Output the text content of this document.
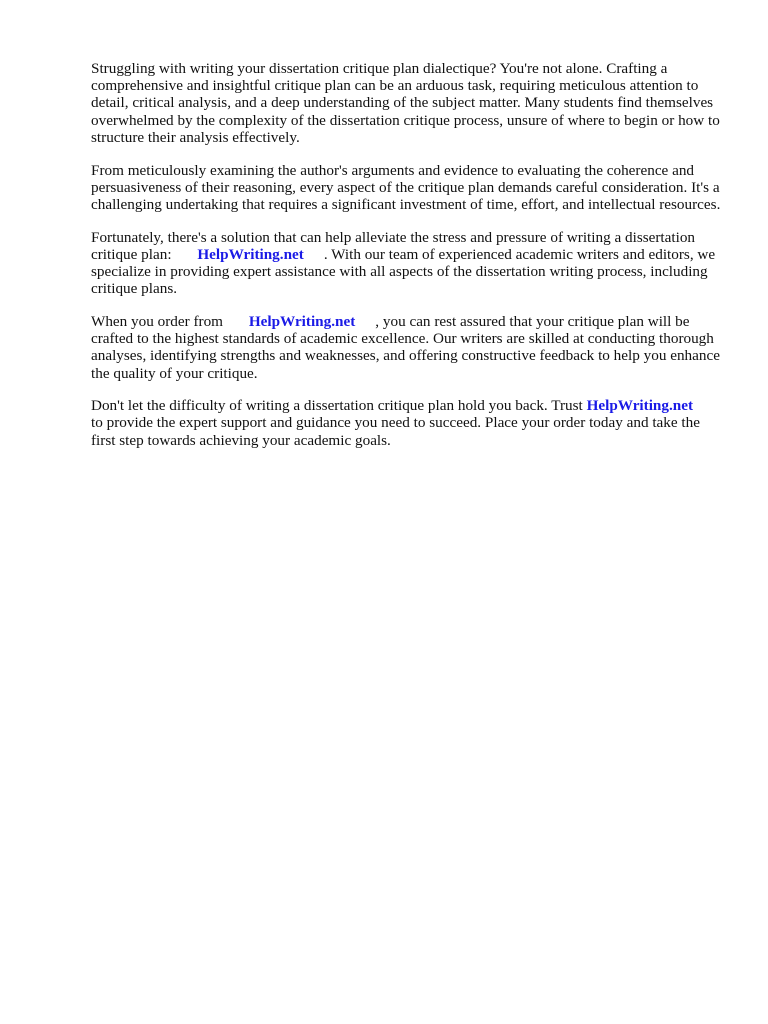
Struggling with writing your dissertation critique plan dialectique? You're not alone. Crafting a comprehensive and insightful critique plan can be an arduous task, requiring meticulous attention to detail, critical analysis, and a deep understanding of the subject matter. Many students find themselves overwhelmed by the complexity of the dissertation critique process, unsure of where to begin or how to structure their analysis effectively.

From meticulously examining the author's arguments and evidence to evaluating the coherence and persuasiveness of their reasoning, every aspect of the critique plan demands careful consideration. It's a challenging undertaking that requires a significant investment of time, effort, and intellectual resources.

Fortunately, there's a solution that can help alleviate the stress and pressure of writing a dissertation critique plan: HelpWriting.net . With our team of experienced academic writers and editors, we specialize in providing expert assistance with all aspects of the dissertation writing process, including critique plans.

When you order from HelpWriting.net , you can rest assured that your critique plan will be crafted to the highest standards of academic excellence. Our writers are skilled at conducting thorough analyses, identifying strengths and weaknesses, and offering constructive feedback to help you enhance the quality of your critique.

Don't let the difficulty of writing a dissertation critique plan hold you back. Trust HelpWriting.net to provide the expert support and guidance you need to succeed. Place your order today and take the first step towards achieving your academic goals.
